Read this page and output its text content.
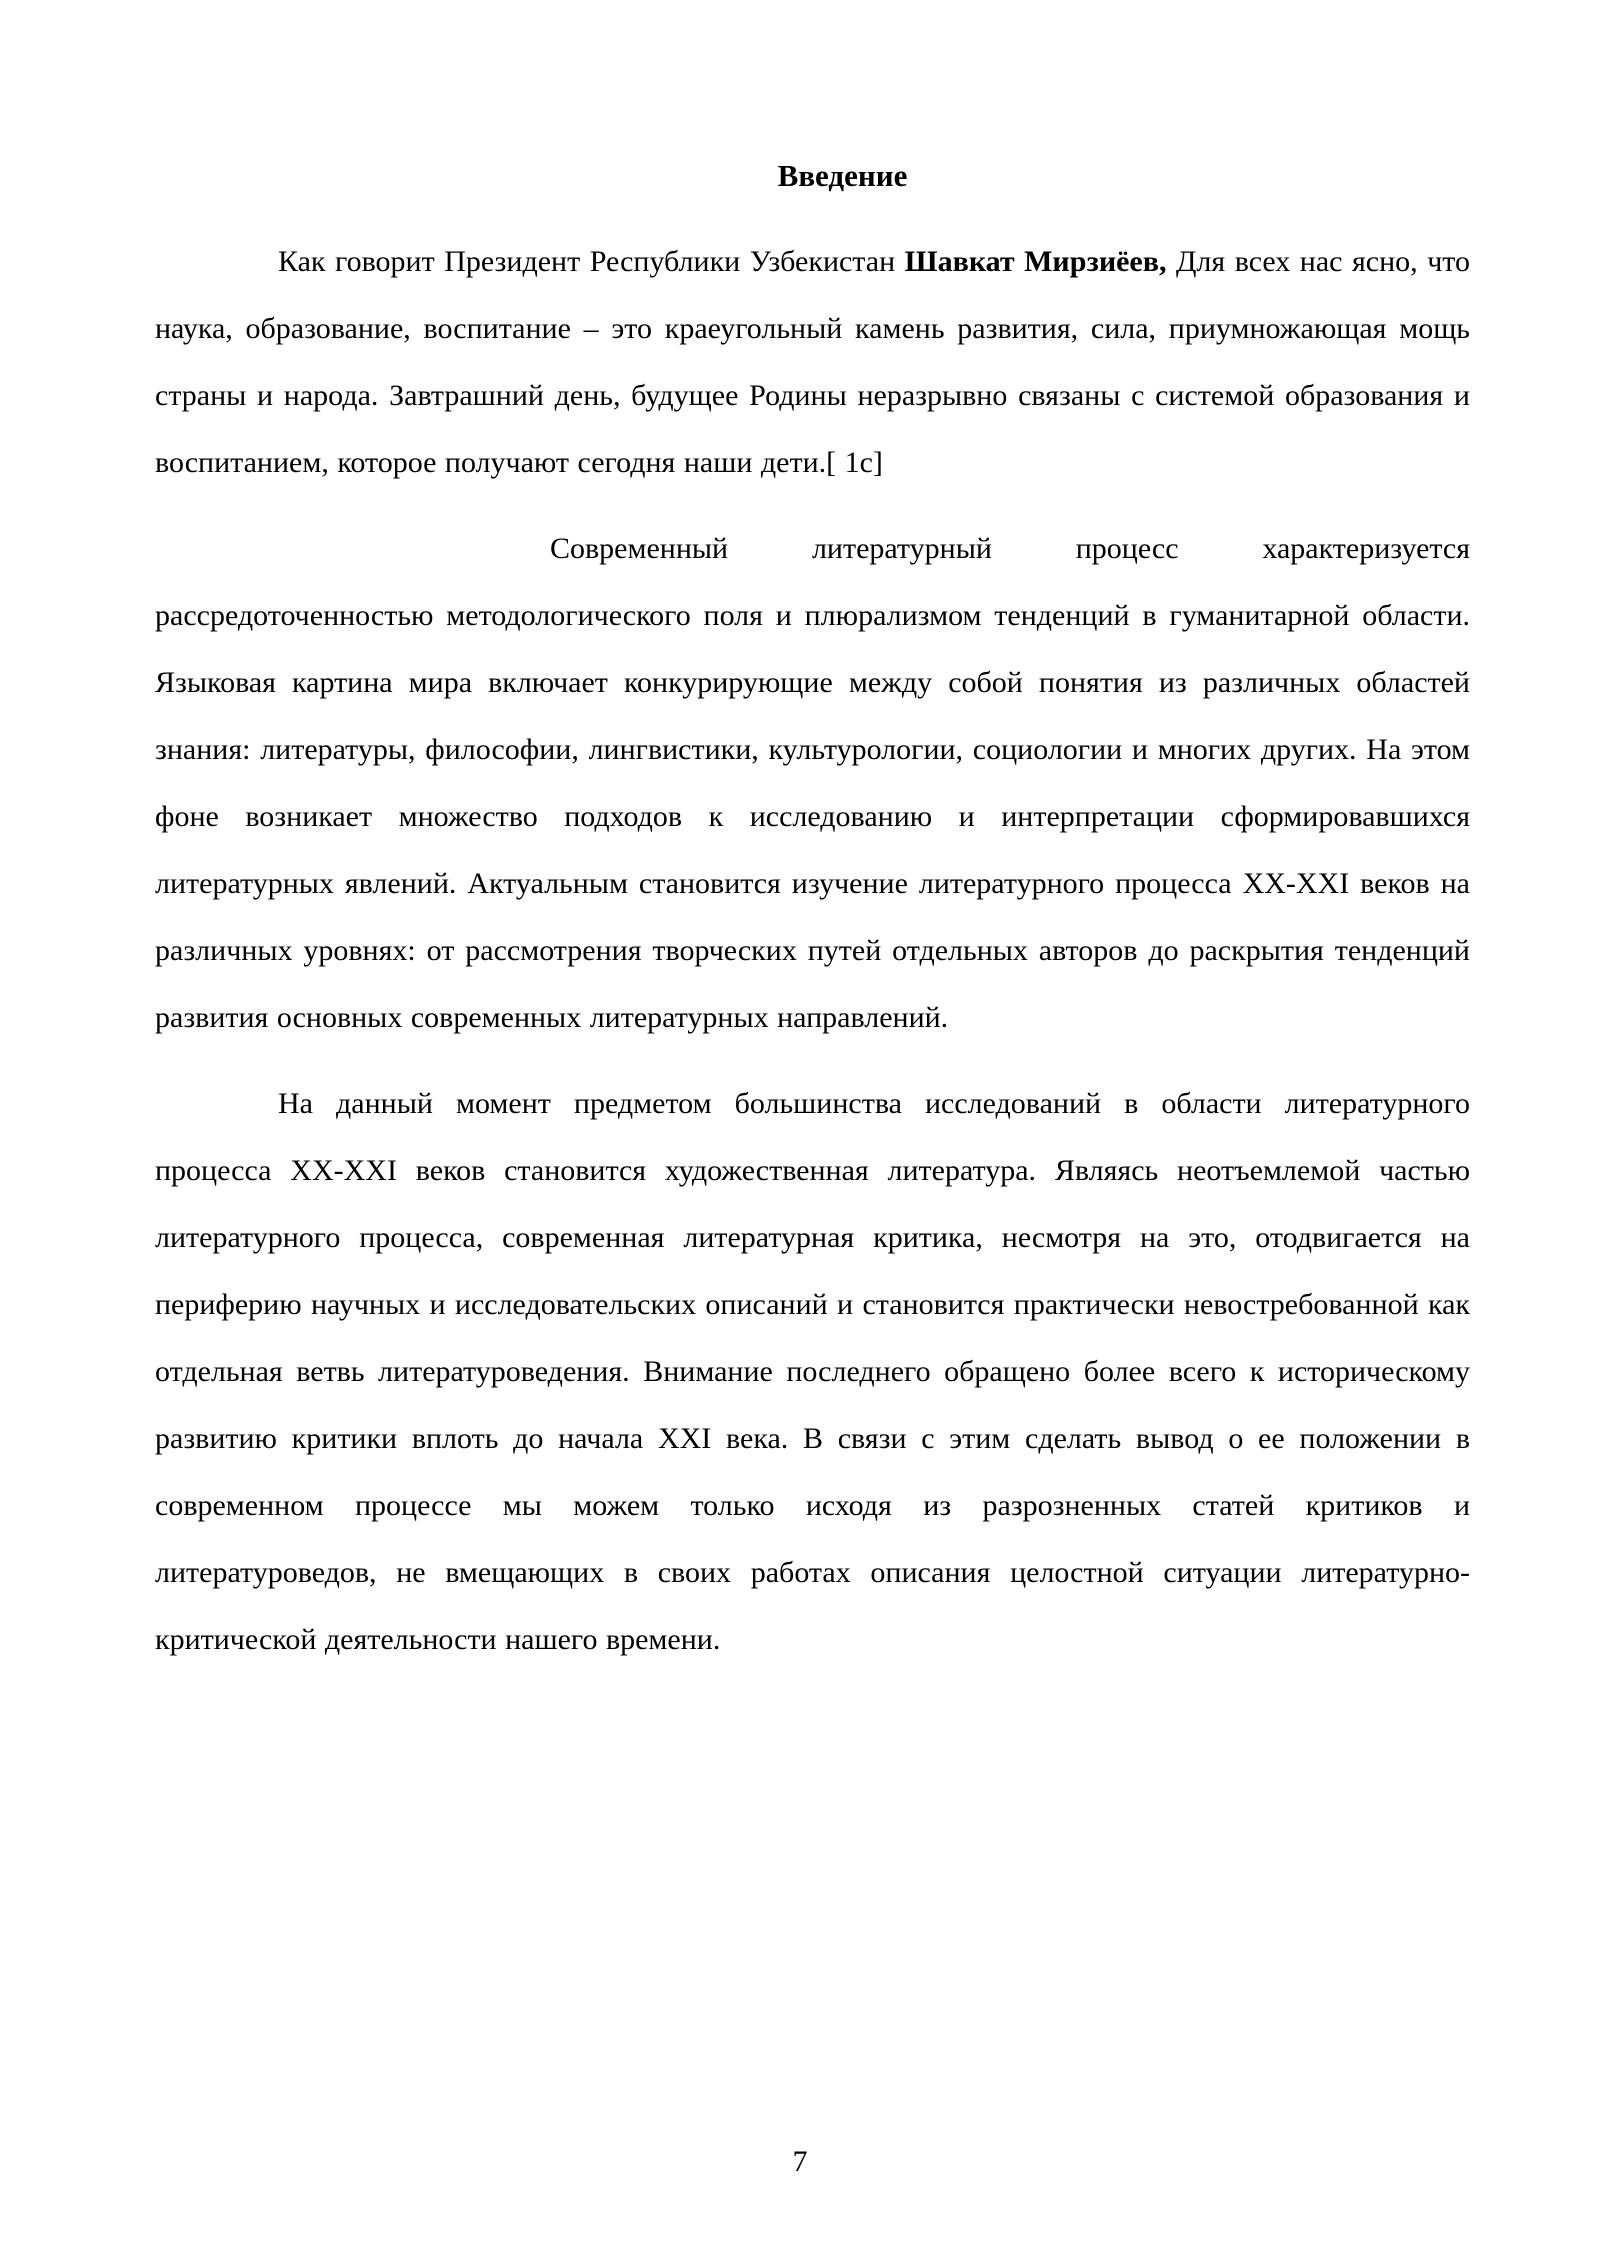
Введение

Как говорит Президент Республики Узбекистан Шавкат Мирзиёев, Для всех нас ясно, что наука, образование, воспитание – это краеугольный камень развития, сила, приумножающая мощь страны и народа. Завтрашний день, будущее Родины неразрывно связаны с системой образования и воспитанием, которое получают сегодня наши дети.[ 1с]

Современный литературный процесс характеризуется рассредоточенностью методологического поля и плюрализмом тенденций в гуманитарной области. Языковая картина мира включает конкурирующие между собой понятия из различных областей знания: литературы, философии, лингвистики, культурологии, социологии и многих других. На этом фоне возникает множество подходов к исследованию и интерпретации сформировавшихся литературных явлений. Актуальным становится изучение литературного процесса XX-XXI веков на различных уровнях: от рассмотрения творческих путей отдельных авторов до раскрытия тенденций развития основных современных литературных направлений.

На данный момент предметом большинства исследований в области литературного процесса XX-XXI веков становится художественная литература. Являясь неотъемлемой частью литературного процесса, современная литературная критика, несмотря на это, отодвигается на периферию научных и исследовательских описаний и становится практически невостребованной как отдельная ветвь литературоведения. Внимание последнего обращено более всего к историческому развитию критики вплоть до начала XXI века. В связи с этим сделать вывод о ее положении в современном процессе мы можем только исходя из разрозненных статей критиков и литературоведов, не вмещающих в своих работах описания целостной ситуации литературно-критической деятельности нашего времени.

7
